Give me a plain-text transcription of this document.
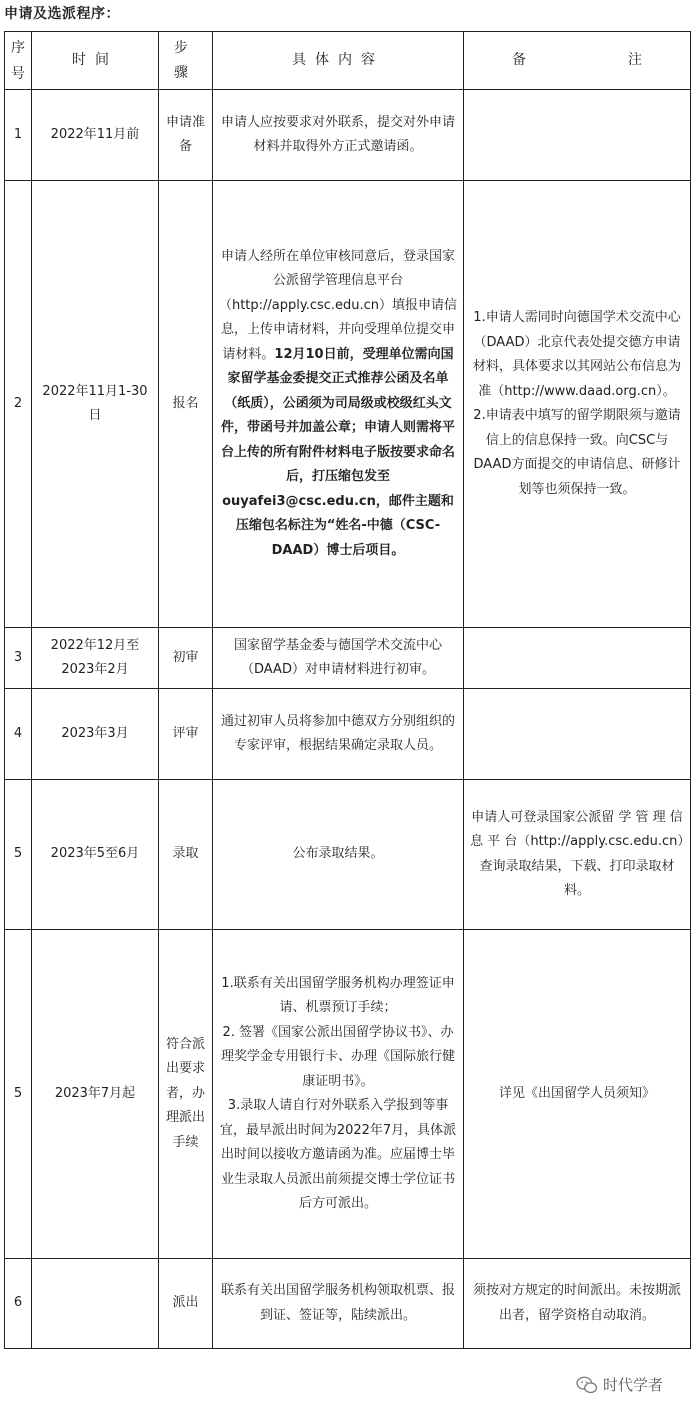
申请及选派程序：
序号	时间	步骤	具体内容	备注
1	2022年11月前	申请准备	申请人应按要求对外联系，提交对外申请材料并取得外方正式邀请函。	
2	2022年11月1-30日	报名	申请人经所在单位审核同意后，登录国家公派留学管理信息平台（http://apply.csc.edu.cn）填报申请信息，上传申请材料，并向受理单位提交申请材料。12月10日前，受理单位需向国家留学基金委提交正式推荐公函及名单（纸质），公函须为司局级或校级红头文件，带函号并加盖公章；申请人则需将平台上传的所有附件材料电子版按要求命名后，打压缩包发至ouyafei3@csc.edu.cn，邮件主题和压缩包名标注为“姓名-中德（CSC-DAAD）博士后项目。	1.申请人需同时向德国学术交流中心（DAAD）北京代表处提交德方申请材料，具体要求以其网站公布信息为准（http://www.daad.org.cn）。
2.申请表中填写的留学期限须与邀请信上的信息保持一致。向CSC与DAAD方面提交的申请信息、研修计划等也须保持一致。

3	2022年12月至2023年2月	初审	国家留学基金委与德国学术交流中心（DAAD）对申请材料进行初审。	
4	2023年3月	评审	通过初审人员将参加中德双方分别组织的专家评审，根据结果确定录取人员。	
5	2023年5至6月	录取	公布录取结果。	申请人可登录国家公派留 学 管 理 信 息 平 台（http://apply.csc.edu.cn）查询录取结果，下载、打印录取材料。
5	2023年7月起	符合派出要求者，办理派出手续	1.联系有关出国留学服务机构办理签证申请、机票预订手续；
2. 签署《国家公派出国留学协议书》、办理奖学金专用银行卡、办理《国际旅行健康证明书》。
3.录取人请自行对外联系入学报到等事宜，最早派出时间为2022年7月，具体派出时间以接收方邀请函为准。应届博士毕业生录取人员派出前须提交博士学位证书后方可派出。	详见《出国留学人员须知》
6		派出	联系有关出国留学服务机构领取机票、报到证、签证等，陆续派出。	须按对方规定的时间派出。未按期派出者，留学资格自动取消。
时代学者
